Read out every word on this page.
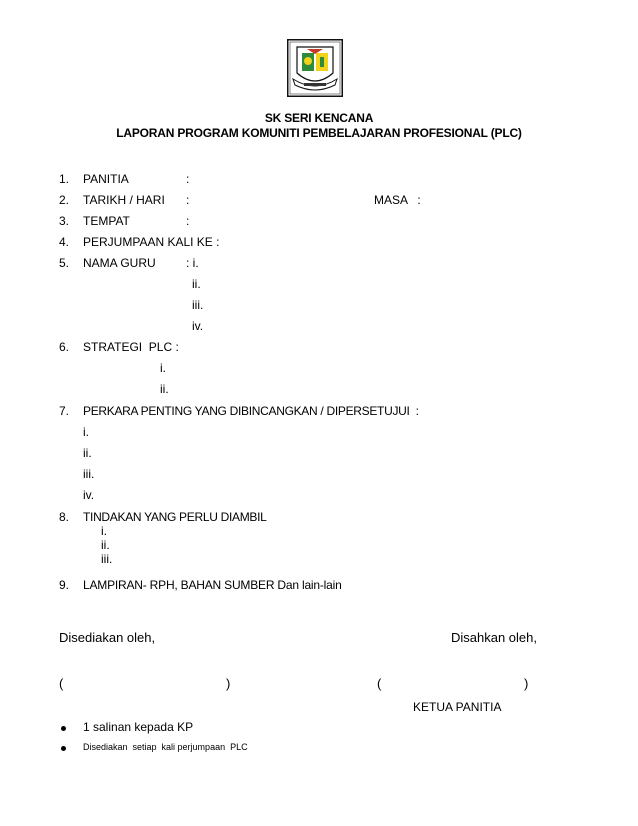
SK SERI KENCANA
LAPORAN PROGRAM KOMUNITI PEMBELAJARAN PROFESIONAL (PLC)
1. PANITIA	:
2. TARIKH / HARI :	MASA   :
3. TEMPAT	:
4. PERJUMPAAN KALI KE :
5. NAMA GURU	: i.
ii.
iii.
iv.
6. STRATEGI  PLC :
i.
ii.
7. PERKARA PENTING YANG DIBINCANGKAN / DIPERSETUJUI  :
i.
ii.
iii.
iv.
8. TINDAKAN YANG PERLU DIAMBIL
i.
ii.
iii.
9. LAMPIRAN- RPH, BAHAN SUMBER Dan lain-lain
Disediakan oleh,	Disahkan oleh,
(	)	(	)
KETUA PANITIA
1 salinan kepada KP
Disediakan  setiap  kali perjumpaan  PLC
